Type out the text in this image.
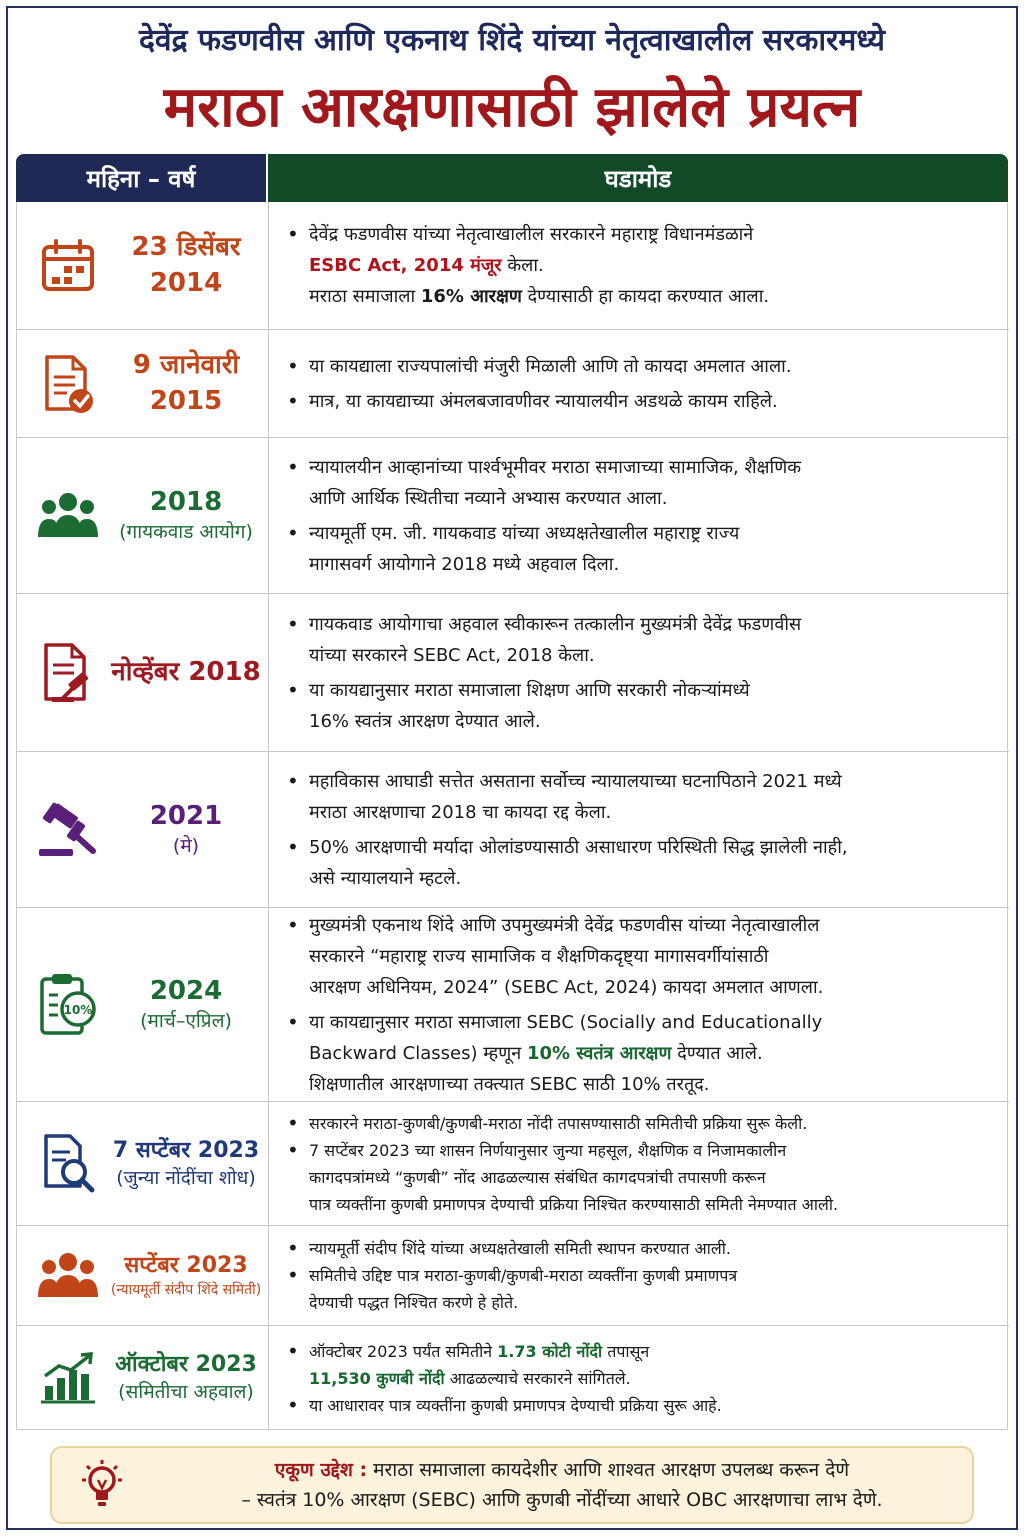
देवेंद्र फडणवीस आणि एकनाथ शिंदे यांच्या नेतृत्वाखालील सरकारमध्ये
मराठा आरक्षणासाठी झालेले प्रयत्न
महिना – वर्ष	घडामोड
23 डिसेंबर
2014
• देवेंद्र फडणवीस यांच्या नेतृत्वाखालील सरकारने महाराष्ट्र विधानमंडळाने
ESBC Act, 2014 मंजूर केला.
मराठा समाजाला 16% आरक्षण देण्यासाठी हा कायदा करण्यात आला.
9 जानेवारी
2015
• या कायद्याला राज्यपालांची मंजुरी मिळाली आणि तो कायदा अमलात आला.
• मात्र, या कायद्याच्या अंमलबजावणीवर न्यायालयीन अडथळे कायम राहिले.
2018
(गायकवाड आयोग)
• न्यायालयीन आव्हानांच्या पार्श्वभूमीवर मराठा समाजाच्या सामाजिक, शैक्षणिक
आणि आर्थिक स्थितीचा नव्याने अभ्यास करण्यात आला.
• न्यायमूर्ती एम. जी. गायकवाड यांच्या अध्यक्षतेखालील महाराष्ट्र राज्य
मागासवर्ग आयोगाने 2018 मध्ये अहवाल दिला.
नोव्हेंबर 2018
• गायकवाड आयोगाचा अहवाल स्वीकारून तत्कालीन मुख्यमंत्री देवेंद्र फडणवीस
यांच्या सरकारने SEBC Act, 2018 केला.
• या कायद्यानुसार मराठा समाजाला शिक्षण आणि सरकारी नोकऱ्यांमध्ये
16% स्वतंत्र आरक्षण देण्यात आले.
2021
(मे)
• महाविकास आघाडी सत्तेत असताना सर्वोच्च न्यायालयाच्या घटनापिठाने 2021 मध्ये
मराठा आरक्षणाचा 2018 चा कायदा रद्द केला.
• 50% आरक्षणाची मर्यादा ओलांडण्यासाठी असाधारण परिस्थिती सिद्ध झालेली नाही,
असे न्यायालयाने म्हटले.
10%
2024
(मार्च–एप्रिल)
• मुख्यमंत्री एकनाथ शिंदे आणि उपमुख्यमंत्री देवेंद्र फडणवीस यांच्या नेतृत्वाखालील
सरकारने “महाराष्ट्र राज्य सामाजिक व शैक्षणिकदृष्ट्या मागासवर्गीयांसाठी
आरक्षण अधिनियम, 2024” (SEBC Act, 2024) कायदा अमलात आणला.
• या कायद्यानुसार मराठा समाजाला SEBC (Socially and Educationally
Backward Classes) म्हणून 10% स्वतंत्र आरक्षण देण्यात आले.
शिक्षणातील आरक्षणाच्या तक्त्यात SEBC साठी 10% तरतूद.
7 सप्टेंबर 2023
(जुन्या नोंदींचा शोध)
• सरकारने मराठा-कुणबी/कुणबी-मराठा नोंदी तपासण्यासाठी समितीची प्रक्रिया सुरू केली.
• 7 सप्टेंबर 2023 च्या शासन निर्णयानुसार जुन्या महसूल, शैक्षणिक व निजामकालीन
कागदपत्रांमध्ये “कुणबी” नोंद आढळल्यास संबंधित कागदपत्रांची तपासणी करून
पात्र व्यक्तींना कुणबी प्रमाणपत्र देण्याची प्रक्रिया निश्चित करण्यासाठी समिती नेमण्यात आली.
सप्टेंबर 2023
(न्यायमूर्ती संदीप शिंदे समिती)
• न्यायमूर्ती संदीप शिंदे यांच्या अध्यक्षतेखाली समिती स्थापन करण्यात आली.
• समितीचे उद्दिष्ट पात्र मराठा-कुणबी/कुणबी-मराठा व्यक्तींना कुणबी प्रमाणपत्र
देण्याची पद्धत निश्चित करणे हे होते.
ऑक्टोबर 2023
(समितीचा अहवाल)
• ऑक्टोबर 2023 पर्यंत समितीने 1.73 कोटी नोंदी तपासून
11,530 कुणबी नोंदी आढळल्याचे सरकारने सांगितले.
• या आधारावर पात्र व्यक्तींना कुणबी प्रमाणपत्र देण्याची प्रक्रिया सुरू आहे.
एकूण उद्देश : मराठा समाजाला कायदेशीर आणि शाश्वत आरक्षण उपलब्ध करून देणे
– स्वतंत्र 10% आरक्षण (SEBC) आणि कुणबी नोंदींच्या आधारे OBC आरक्षणाचा लाभ देणे.
